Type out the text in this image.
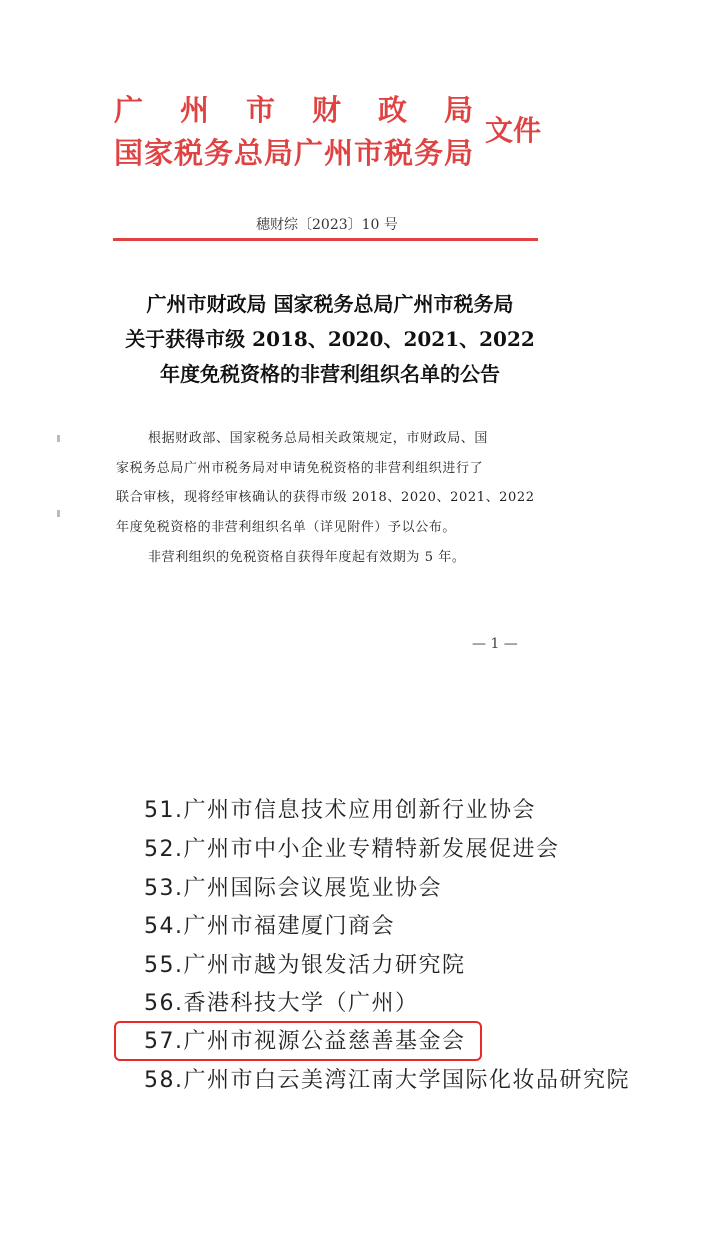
广州市财政局
国家税务总局广州市税务局
文件
穗财综〔2023〕10 号
广州市财政局 国家税务总局广州市税务局
关于获得市级 2018、2020、2021、2022
年度免税资格的非营利组织名单的公告
根据财政部、国家税务总局相关政策规定，市财政局、国
家税务总局广州市税务局对申请免税资格的非营利组织进行了
联合审核，现将经审核确认的获得市级 2018、2020、2021、2022
年度免税资格的非营利组织名单（详见附件）予以公布。
非营利组织的免税资格自获得年度起有效期为 5 年。
— 1 —
51.广州市信息技术应用创新行业协会
52.广州市中小企业专精特新发展促进会
53.广州国际会议展览业协会
54.广州市福建厦门商会
55.广州市越为银发活力研究院
56.香港科技大学（广州）
57.广州市视源公益慈善基金会
58.广州市白云美湾江南大学国际化妆品研究院
